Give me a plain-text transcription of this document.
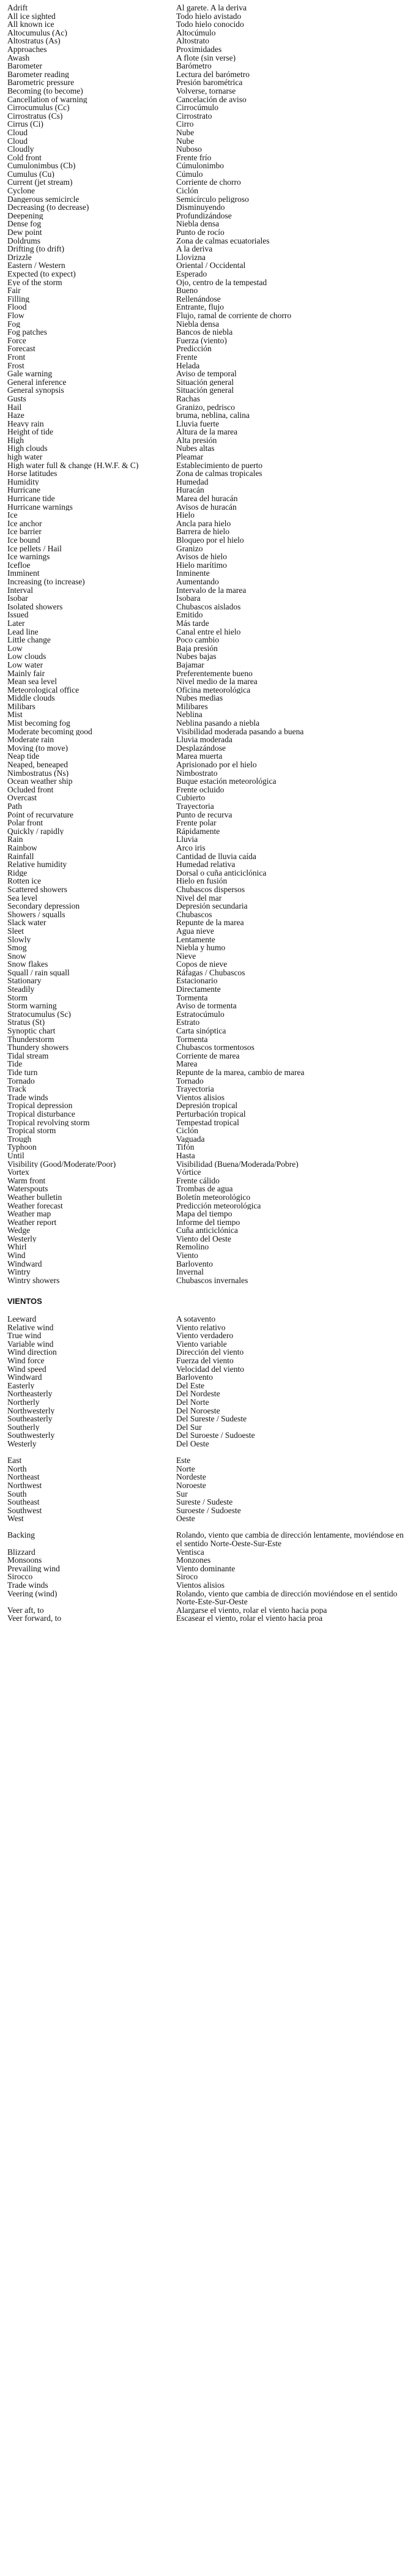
Adrift	Al garete. A la deriva
All ice sighted	Todo hielo avistado
All known ice	Todo hielo conocido
Altocumulus (Ac)	Altocúmulo
Altostratus (As)	Altostrato
Approaches	Proximidades
Awash	A flote (sin verse)
Barometer	Barómetro
Barometer reading	Lectura del barómetro
Barometric pressure	Presión barométrica
Becoming (to become)	Volverse, tornarse
Cancellation of warning	Cancelación de aviso
Cirrocumulus (Cc)	Cirrocúmulo
Cirrostratus (Cs)	Cirrostrato
Cirrus (Ci)	Cirro
Cloud	Nube
Cloud	Nube
Cloudly	Nuboso
Cold front	Frente frío
Cumulonimbus (Cb)	Cúmulonimbo
Cumulus (Cu)	Cúmulo
Current (jet stream)	Corriente de chorro
Cyclone	Ciclón
Dangerous semicircle	Semicírculo peligroso
Decreasing (to decrease)	Disminuyendo
Deepening	Profundizándose
Dense fog	Niebla densa
Dew point	Punto de rocío
Doldrums	Zona de calmas ecuatoriales
Drifting (to drift)	A la deriva
Drizzle	Llovizna
Eastern / Western	Oriental / Occidental
Expected (to expect)	Esperado
Eye of the storm	Ojo, centro de la tempestad
Fair	Bueno
Filling	Rellenándose
Flood	Entrante, flujo
Flow	Flujo, ramal de corriente de chorro
Fog	Niebla densa
Fog patches	Bancos de niebla
Force	Fuerza (viento)
Forecast	Predicción
Front	Frente
Frost	Helada
Gale warning	Aviso de temporal
General inference	Situación general
General synopsis	Situación general
Gusts	Rachas
Hail	Granizo, pedrisco
Haze	bruma, neblina, calina
Heavy rain	Lluvia fuerte
Height of tide	Altura de la marea
High	Alta presión
High clouds	Nubes altas
high water	Pleamar
High water full & change (H.W.F. & C)	Establecimiento de puerto
Horse latitudes	Zona de calmas tropicales
Humidity	Humedad
Hurricane	Huracán
Hurricane tide	Marea del huracán
Hurricane warnings	Avisos de huracán
Ice	Hielo
Ice anchor	Ancla para hielo
Ice barrier	Barrera de hielo
Ice bound	Bloqueo por el hielo
Ice pellets / Hail	Granizo
Ice warnings	Avisos de hielo
Icefloe	Hielo marítimo
Imminent	Inminente
Increasing (to increase)	Aumentando
Interval	Intervalo de la marea
Isobar	Isobara
Isolated showers	Chubascos aislados
Issued	Emitido
Later	Más tarde
Lead line	Canal entre el hielo
Little change	Poco cambio
Low	Baja presión
Low clouds	Nubes bajas
Low water	Bajamar
Mainly fair	Preferentemente bueno
Mean sea level	Nivel medio de la marea
Meteorological office	Oficina meteorológica
Middle clouds	Nubes medias
Milibars	Milibares
Mist	Neblina
Mist becoming fog	Neblina pasando a niebla
Moderate becoming good	Visibilidad moderada pasando a buena
Moderate rain	Lluvia moderada
Moving (to move)	Desplazándose
Neap tide	Marea muerta
Neaped, beneaped	Aprisionado por el hielo
Nimbostratus (Ns)	Nimbostrato
Ocean weather ship	Buque estación meteorológica
Ocluded front	Frente ocluido
Overcast	Cubierto
Path	Trayectoria
Point of recurvature	Punto de recurva
Polar front	Frente polar
Quickly / rapidly	Rápidamente
Rain	Lluvia
Rainbow	Arco iris
Rainfall	Cantidad de lluvia caída
Relative humidity	Humedad relativa
Ridge	Dorsal o cuña anticiclónica
Rotten ice	Hielo en fusión
Scattered showers	Chubascos dispersos
Sea level	Nivel del mar
Secondary depression	Depresión secundaria
Showers / squalls	Chubascos
Slack water	Repunte de la marea
Sleet	Agua nieve
Slowly	Lentamente
Smog	Niebla y humo
Snow	Nieve
Snow flakes	Copos de nieve
Squall / rain squall	Ráfagas / Chubascos
Stationary	Estacionario
Steadily	Directamente
Storm	Tormenta
Storm warning	Aviso de tormenta
Stratocumulus (Sc)	Estratocúmulo
Stratus (St)	Estrato
Synoptic chart	Carta sinóptica
Thunderstorm	Tormenta
Thundery showers	Chubascos tormentosos
Tidal stream	Corriente de marea
Tide	Marea
Tide turn	Repunte de la marea, cambio de marea
Tornado	Tornado
Track	Trayectoria
Trade winds	Vientos alisios
Tropical depression	Depresión tropical
Tropical disturbance	Perturbación tropical
Tropical revolving storm	Tempestad tropical
Tropical storm	Ciclón
Trough	Vaguada
Typhoon	Tifón
Until	Hasta
Visibility (Good/Moderate/Poor)	Visibilidad (Buena/Moderada/Pobre)
Vortex	Vórtice
Warm front	Frente cálido
Waterspouts	Trombas de agua
Weather bulletin	Boletín meteorológico
Weather forecast	Predicción meteorológica
Weather map	Mapa del tiempo
Weather report	Informe del tiempo
Wedge	Cuña anticiclónica
Westerly	Viento del Oeste
Whirl	Remolino
Wind	Viento
Windward	Barlovento
Wintry	Invernal
Wintry showers	Chubascos invernales
VIENTOS
Leeward	A sotavento
Relative wind	Viento relativo
True wind	Viento verdadero
Variable wind	Viento variable
Wind direction	Dirección del viento
Wind force	Fuerza del viento
Wind speed	Velocidad del viento
Windward	Barlovento
Easterly	Del Este
Northeasterly	Del Nordeste
Northerly	Del Norte
Northwesterly	Del Noroeste
Southeasterly	Del Sureste / Sudeste
Southerly	Del Sur
Southwesterly	Del Suroeste / Sudoeste
Westerly	Del Oeste
East	Este
North	Norte
Northeast	Nordeste
Northwest	Noroeste
South	Sur
Southeast	Sureste / Sudeste
Southwest	Suroeste / Sudoeste
West	Oeste
Backing	Rolando, viento que cambia de dirección lentamente, moviéndose en el sentido Norte-Oeste-Sur-Este
Blizzard	Ventisca
Monsoons	Monzones
Prevailing wind	Viento dominante
Sirocco	Siroco
Trade winds	Vientos alisios
Veering (wind)	Rolando, viento que cambia de dirección moviéndose en el sentido Norte-Este-Sur-Oeste
Veer aft, to	Alargarse el viento, rolar el viento hacia popa
Veer forward, to	Escasear el viento, rolar el viento hacia proa
